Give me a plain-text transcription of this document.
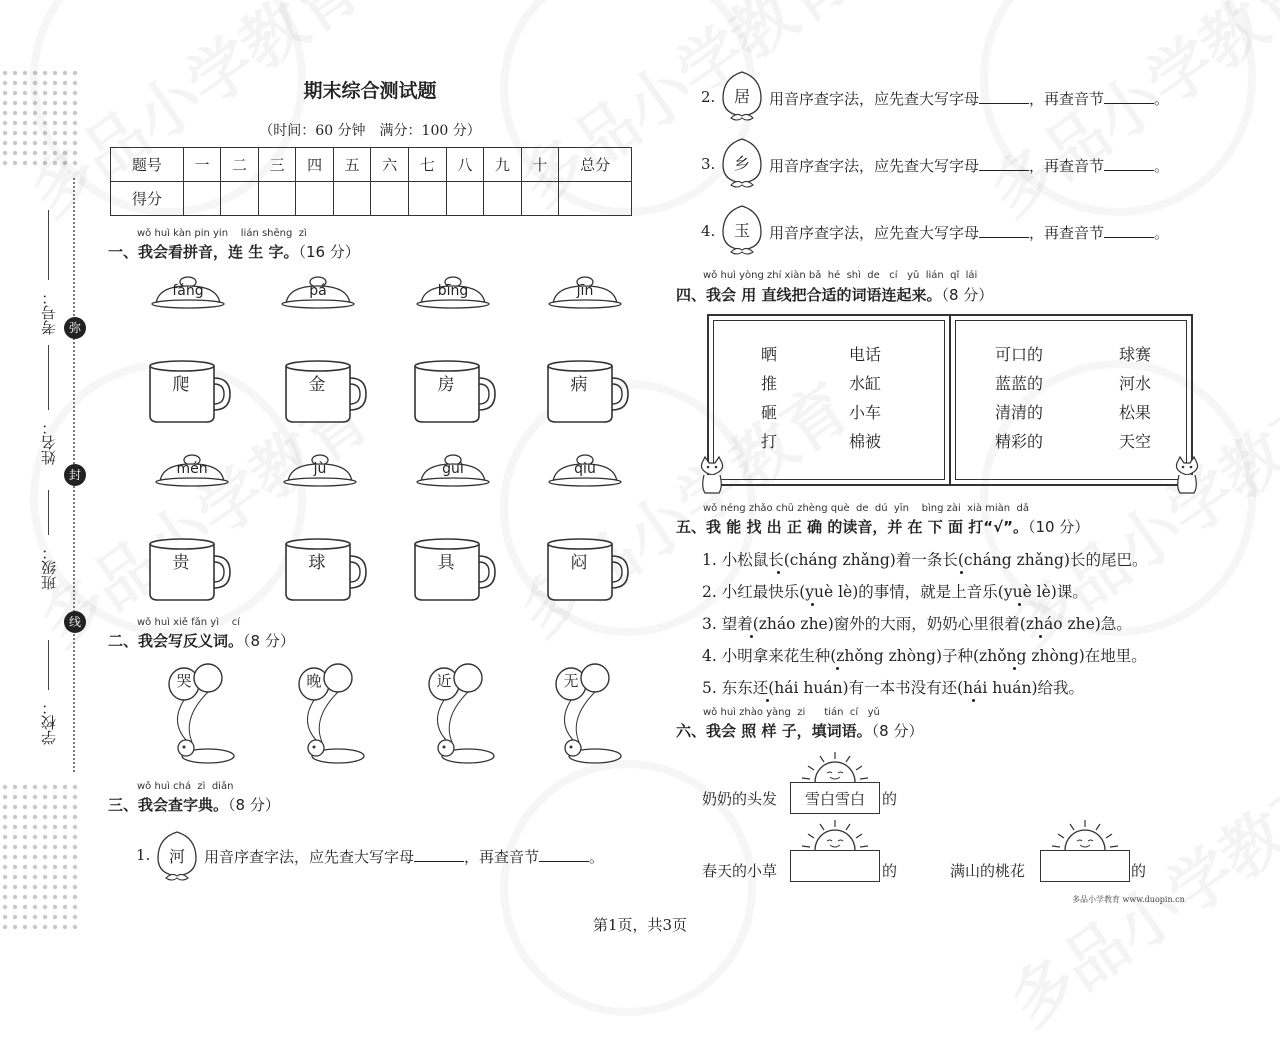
考号： 弥
姓名：
封
班级：
线
学校：
期末综合测试题
（时间：60 分钟　满分：100 分）
题号	一	二	三	四	五	六	七	八	九	十	总分
得分											
wǒ huì kàn pin yin    lián shēng  zì
一、我会看拼音，连 生 字。（16 分）
fáng	pá	bīng	jīn
爬	金	房	病
mén	jù	guì	qiú
贵	球	具	闷
wǒ huì xiě fǎn yì    cí
二、我会写反义词。（8 分）
哭	晚	近	无
wǒ huì chá  zì  diǎn
三、我会查字典。（8 分）
1.	河	用音序查字法，应先查大写字母	，再查音节	。
2.	居	用音序查字法，应先查大写字母	，再查音节	。
3.	乡	用音序查字法，应先查大写字母	，再查音节	。
4.	玉	用音序查字法，应先查大写字母	，再查音节	。
wǒ huì yòng zhí xiàn bǎ  hé  shì  de   cí   yǔ  lián  qǐ  lái
四、我会 用 直线把合适的词语连起来。（8 分）
晒
推
砸
打
电话
水缸
小车
棉被
可口的
蓝蓝的
清清的
精彩的
球赛
河水
松果
天空
wǒ néng zhǎo chū zhèng què  de  dú  yīn    bìng zài  xià miàn  dǎ
五、我 能 找 出 正 确 的读音，并 在 下 面 打“√”。（10 分）
1. 小松鼠长(cháng zhǎng)着一条长(cháng zhǎng)长的尾巴。
2. 小红最快乐(yuè lè)的事情，就是上音乐(yuè lè)课。
3. 望着(zháo zhe)窗外的大雨，奶奶心里很着(zháo zhe)急。
4. 小明拿来花生种(zhǒng zhòng)子种(zhǒng zhòng)在地里。
5. 东东还(hái huán)有一本书没有还(hái huán)给我。
wǒ huì zhào yàng  zi      tián  cí   yǔ
六、我会 照 样 子，填词语。（8 分）
奶奶的头发	雪白雪白	的
春天的小草	的	满山的桃花	的
多品小学教育 www.duopin.cn
第1页，共3页
